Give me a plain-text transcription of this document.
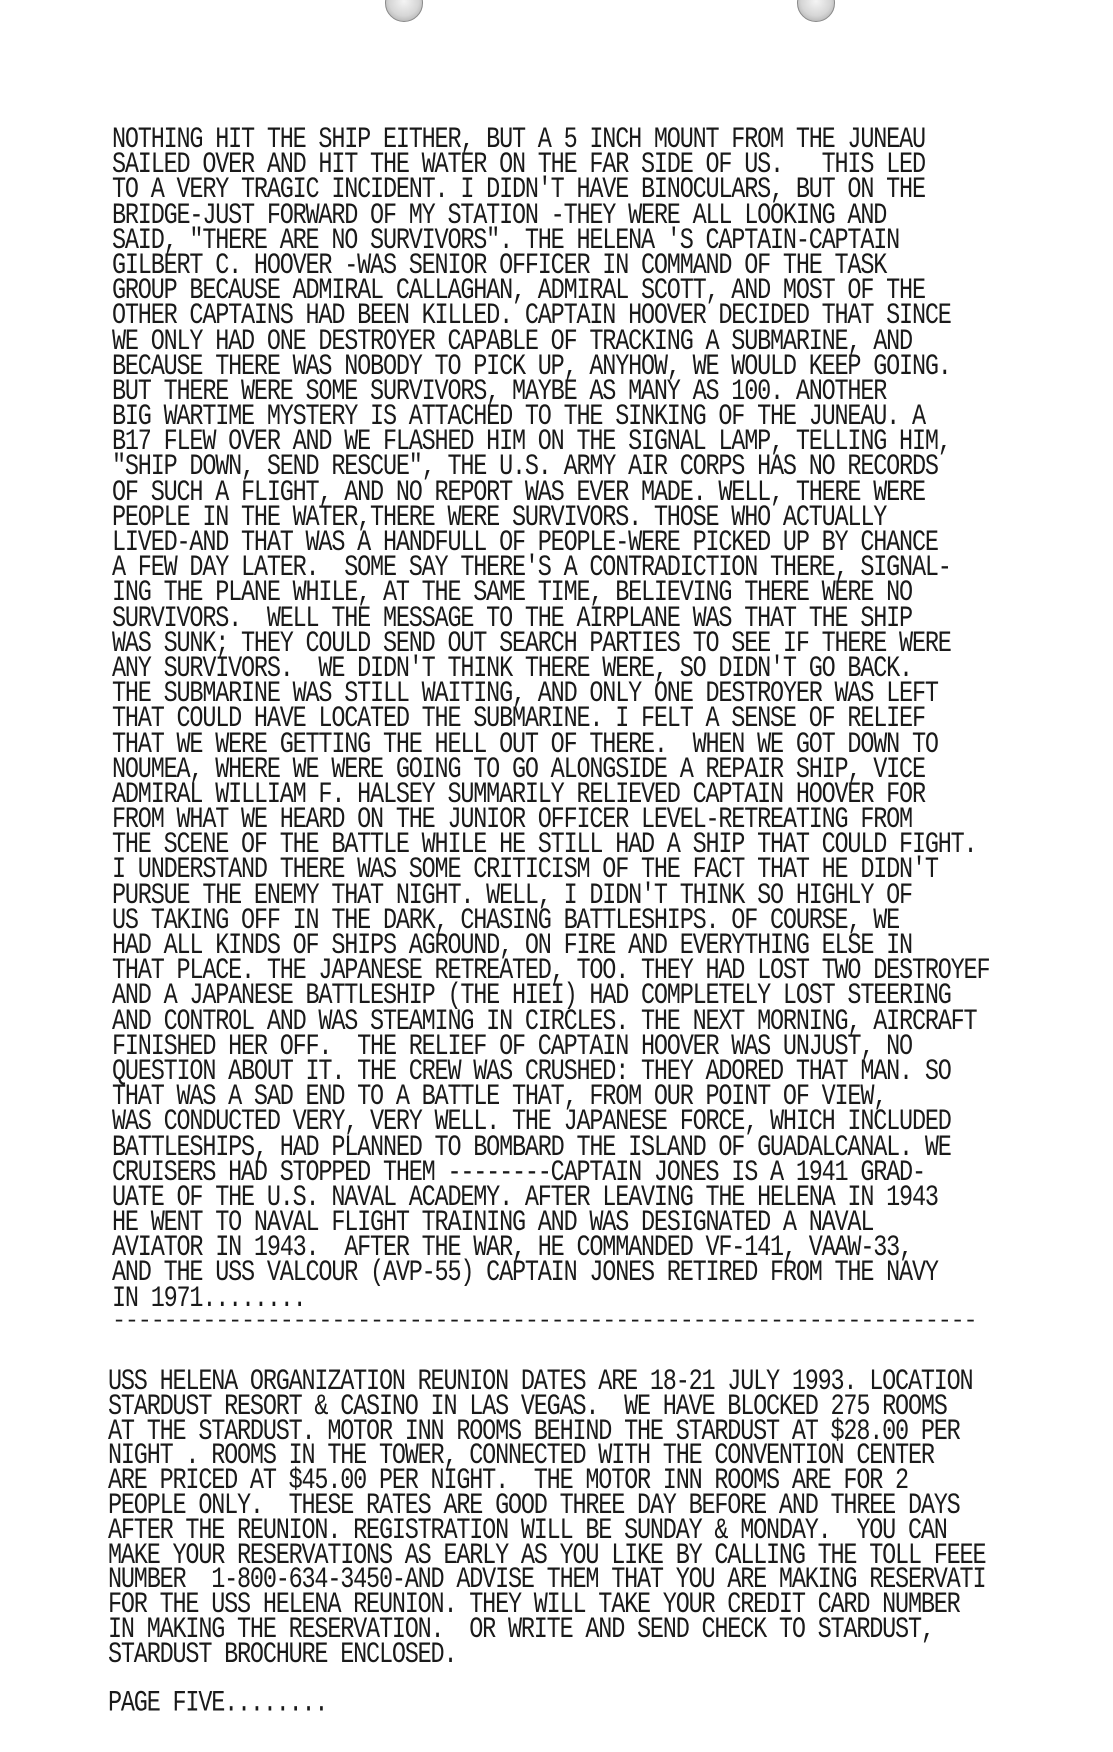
NOTHING HIT THE SHIP EITHER, BUT A 5 INCH MOUNT FROM THE JUNEAU
SAILED OVER AND HIT THE WATER ON THE FAR SIDE OF US.   THIS LED
TO A VERY TRAGIC INCIDENT. I DIDN'T HAVE BINOCULARS, BUT ON THE
BRIDGE-JUST FORWARD OF MY STATION -THEY WERE ALL LOOKING AND
SAID, "THERE ARE NO SURVIVORS". THE HELENA 'S CAPTAIN-CAPTAIN
GILBERT C. HOOVER -WAS SENIOR OFFICER IN COMMAND OF THE TASK
GROUP BECAUSE ADMIRAL CALLAGHAN, ADMIRAL SCOTT, AND MOST OF THE
OTHER CAPTAINS HAD BEEN KILLED. CAPTAIN HOOVER DECIDED THAT SINCE
WE ONLY HAD ONE DESTROYER CAPABLE OF TRACKING A SUBMARINE, AND
BECAUSE THERE WAS NOBODY TO PICK UP, ANYHOW, WE WOULD KEEP GOING.
BUT THERE WERE SOME SURVIVORS, MAYBE AS MANY AS 100. ANOTHER
BIG WARTIME MYSTERY IS ATTACHED TO THE SINKING OF THE JUNEAU. A
B17 FLEW OVER AND WE FLASHED HIM ON THE SIGNAL LAMP, TELLING HIM,
"SHIP DOWN, SEND RESCUE", THE U.S. ARMY AIR CORPS HAS NO RECORDS
OF SUCH A FLIGHT, AND NO REPORT WAS EVER MADE. WELL, THERE WERE
PEOPLE IN THE WATER,THERE WERE SURVIVORS. THOSE WHO ACTUALLY
LIVED-AND THAT WAS A HANDFULL OF PEOPLE-WERE PICKED UP BY CHANCE
A FEW DAY LATER.  SOME SAY THERE'S A CONTRADICTION THERE, SIGNAL-
ING THE PLANE WHILE, AT THE SAME TIME, BELIEVING THERE WERE NO
SURVIVORS.  WELL THE MESSAGE TO THE AIRPLANE WAS THAT THE SHIP
WAS SUNK; THEY COULD SEND OUT SEARCH PARTIES TO SEE IF THERE WERE
ANY SURVIVORS.  WE DIDN'T THINK THERE WERE, SO DIDN'T GO BACK.
THE SUBMARINE WAS STILL WAITING, AND ONLY ONE DESTROYER WAS LEFT
THAT COULD HAVE LOCATED THE SUBMARINE. I FELT A SENSE OF RELIEF
THAT WE WERE GETTING THE HELL OUT OF THERE.  WHEN WE GOT DOWN TO
NOUMEA, WHERE WE WERE GOING TO GO ALONGSIDE A REPAIR SHIP, VICE
ADMIRAL WILLIAM F. HALSEY SUMMARILY RELIEVED CAPTAIN HOOVER FOR
FROM WHAT WE HEARD ON THE JUNIOR OFFICER LEVEL-RETREATING FROM
THE SCENE OF THE BATTLE WHILE HE STILL HAD A SHIP THAT COULD FIGHT.
I UNDERSTAND THERE WAS SOME CRITICISM OF THE FACT THAT HE DIDN'T
PURSUE THE ENEMY THAT NIGHT. WELL, I DIDN'T THINK SO HIGHLY OF
US TAKING OFF IN THE DARK, CHASING BATTLESHIPS. OF COURSE, WE
HAD ALL KINDS OF SHIPS AGROUND, ON FIRE AND EVERYTHING ELSE IN
THAT PLACE. THE JAPANESE RETREATED, TOO. THEY HAD LOST TWO DESTROYEF
AND A JAPANESE BATTLESHIP (THE HIEI) HAD COMPLETELY LOST STEERING
AND CONTROL AND WAS STEAMING IN CIRCLES. THE NEXT MORNING, AIRCRAFT
FINISHED HER OFF.  THE RELIEF OF CAPTAIN HOOVER WAS UNJUST, NO
QUESTION ABOUT IT. THE CREW WAS CRUSHED: THEY ADORED THAT MAN. SO
THAT WAS A SAD END TO A BATTLE THAT, FROM OUR POINT OF VIEW,
WAS CONDUCTED VERY, VERY WELL. THE JAPANESE FORCE, WHICH INCLUDED
BATTLESHIPS, HAD PLANNED TO BOMBARD THE ISLAND OF GUADALCANAL. WE
CRUISERS HAD STOPPED THEM --------CAPTAIN JONES IS A 1941 GRAD-
UATE OF THE U.S. NAVAL ACADEMY. AFTER LEAVING THE HELENA IN 1943
HE WENT TO NAVAL FLIGHT TRAINING AND WAS DESIGNATED A NAVAL
AVIATOR IN 1943.  AFTER THE WAR, HE COMMANDED VF-141, VAAW-33,
AND THE USS VALCOUR (AVP-55) CAPTAIN JONES RETIRED FROM THE NAVY
IN 1971........
-------------------------------------------------------------------
USS HELENA ORGANIZATION REUNION DATES ARE 18-21 JULY 1993. LOCATION
STARDUST RESORT & CASINO IN LAS VEGAS.  WE HAVE BLOCKED 275 ROOMS
AT THE STARDUST. MOTOR INN ROOMS BEHIND THE STARDUST AT $28.00 PER
NIGHT . ROOMS IN THE TOWER, CONNECTED WITH THE CONVENTION CENTER
ARE PRICED AT $45.00 PER NIGHT.  THE MOTOR INN ROOMS ARE FOR 2
PEOPLE ONLY.  THESE RATES ARE GOOD THREE DAY BEFORE AND THREE DAYS
AFTER THE REUNION. REGISTRATION WILL BE SUNDAY & MONDAY.  YOU CAN
MAKE YOUR RESERVATIONS AS EARLY AS YOU LIKE BY CALLING THE TOLL FEEE
NUMBER  1-800-634-3450-AND ADVISE THEM THAT YOU ARE MAKING RESERVATI
FOR THE USS HELENA REUNION. THEY WILL TAKE YOUR CREDIT CARD NUMBER
IN MAKING THE RESERVATION.  OR WRITE AND SEND CHECK TO STARDUST,
STARDUST BROCHURE ENCLOSED.
PAGE FIVE........
